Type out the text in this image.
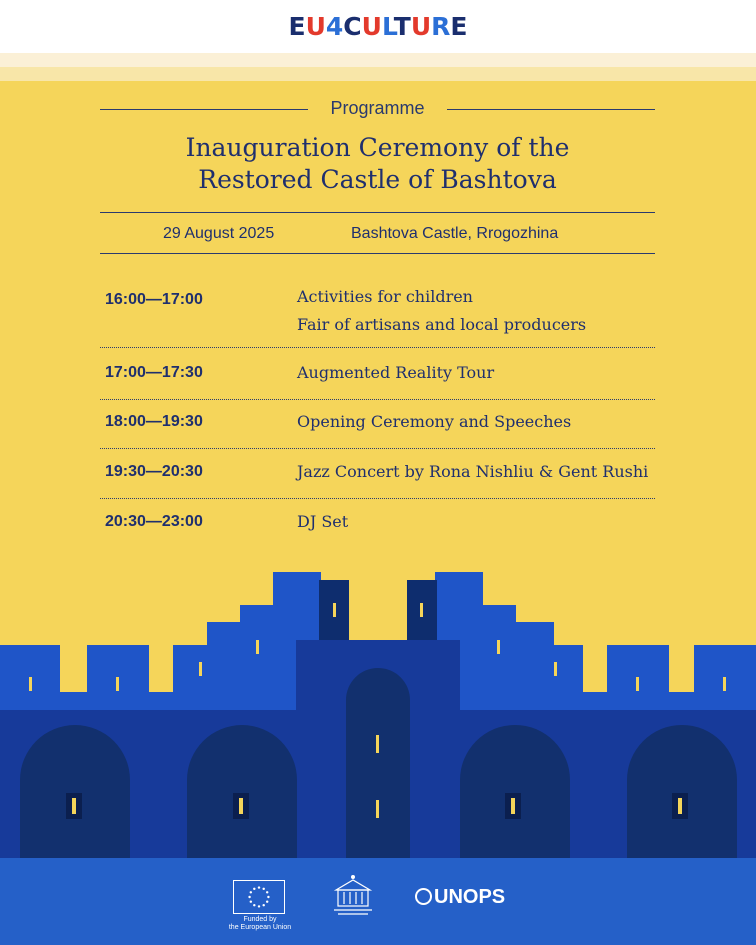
EU4CULTURE
Programme
Inauguration Ceremony of the
Restored Castle of Bashtova
29 August 2025	Bashtova Castle, Rrogozhina
16:00—17:00	Activities for children
Fair of artisans and local producers
17:00—17:30	Augmented Reality Tour
18:00—19:30	Opening Ceremony and Speeches
19:30—20:30	Jazz Concert by Rona Nishliu & Gent Rushi
20:30—23:00	DJ Set
Funded by
the European Union
UNOPS
